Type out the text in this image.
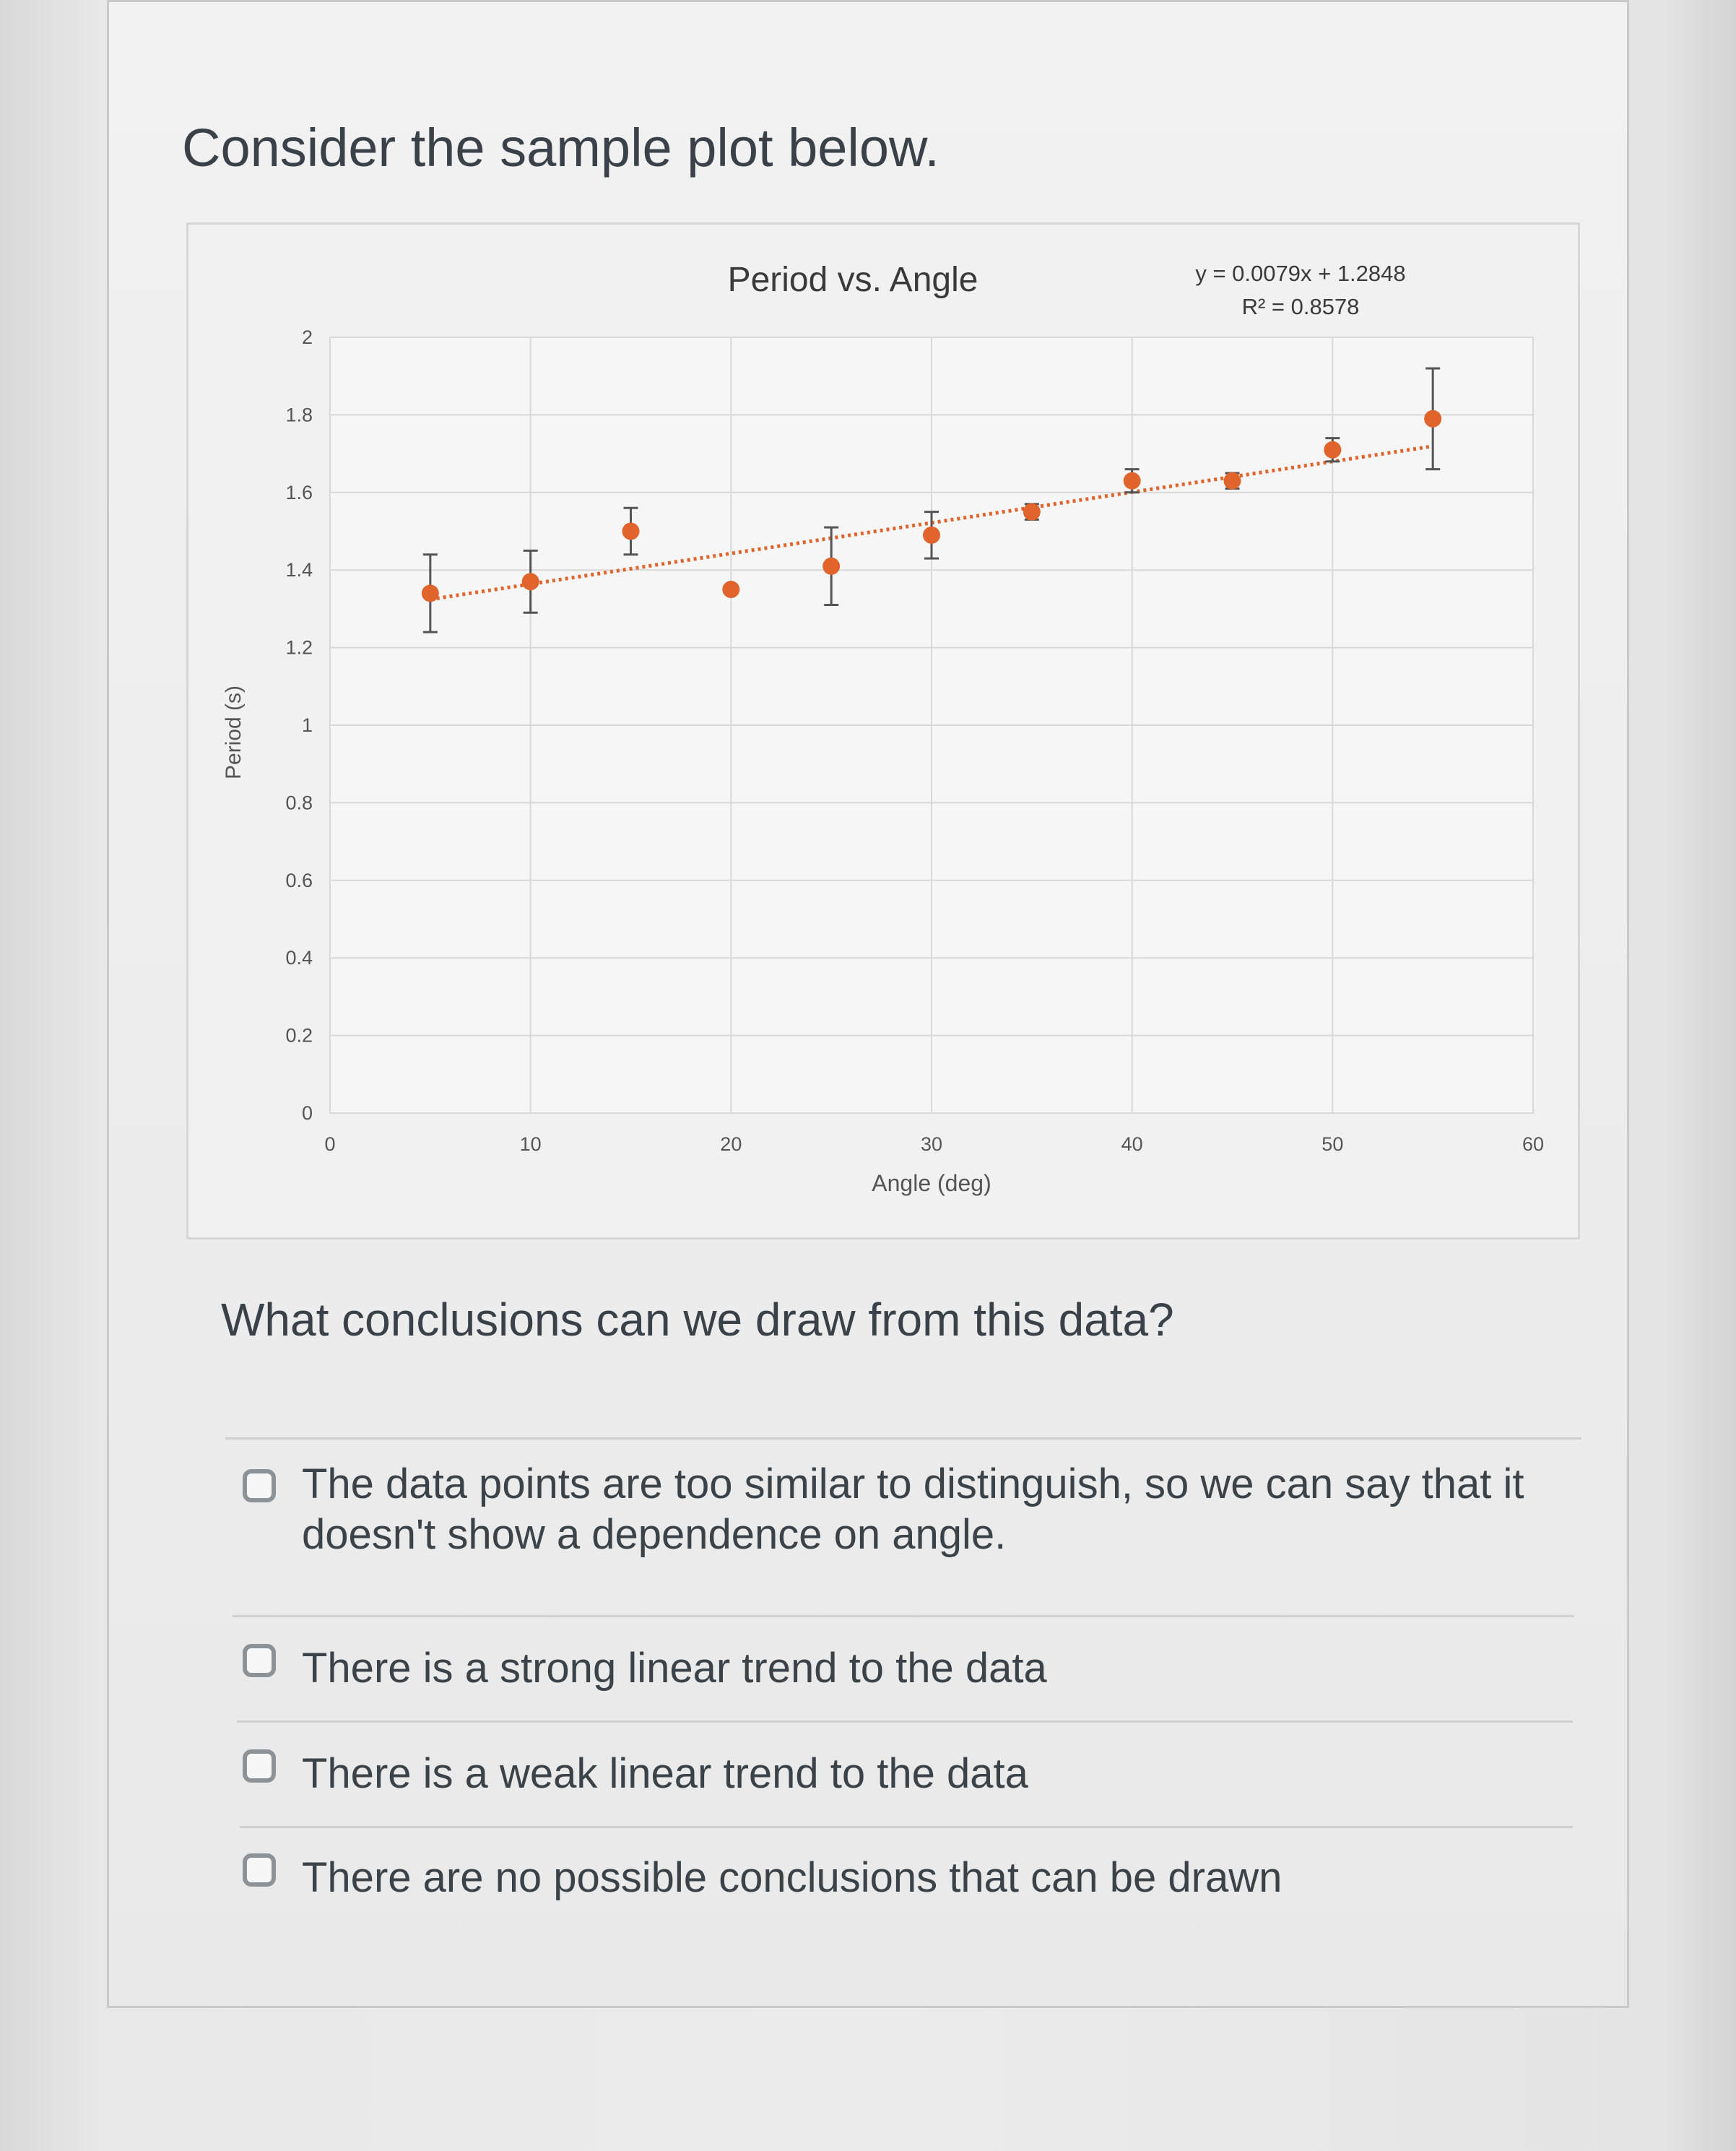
Consider the sample plot below.
0
0.2
0.4
0.6
0.8
1
1.2
1.4
1.6
1.8
2
0	10	20	30	40	50	60
Angle (deg)
Period (s)
Period vs. Angle	y = 0.0079x + 1.2848
R² = 0.8578
What conclusions can we draw from this data?
The data points are too similar to distinguish, so we can say that it doesn't show a dependence on angle.
There is a strong linear trend to the data
There is a weak linear trend to the data
There are no possible conclusions that can be drawn
